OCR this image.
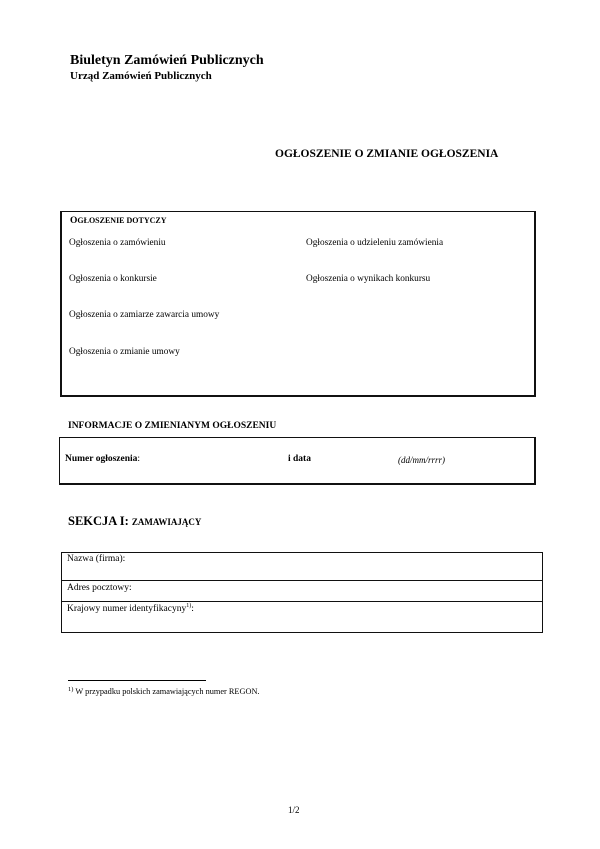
Biuletyn Zamówień Publicznych
Urząd Zamówień Publicznych
OGŁOSZENIE O ZMIANIE OGŁOSZENIA
OGŁOSZENIE DOTYCZY
Ogłoszenia o zamówieniu	Ogłoszenia o udzieleniu zamówienia
Ogłoszenia o konkursie	Ogłoszenia o wynikach konkursu
Ogłoszenia o zamiarze zawarcia umowy
Ogłoszenia o zmianie umowy
INFORMACJE O ZMIENIANYM OGŁOSZENIU
Numer ogłoszenia:	i data	(dd/mm/rrrr)
SEKCJA I: ZAMAWIAJĄCY
Nazwa (firma):
Adres pocztowy:
Krajowy numer identyfikacyny$^{1)}$:
$^{1)}$ W przypadku polskich zamawiających numer REGON.
1/2
